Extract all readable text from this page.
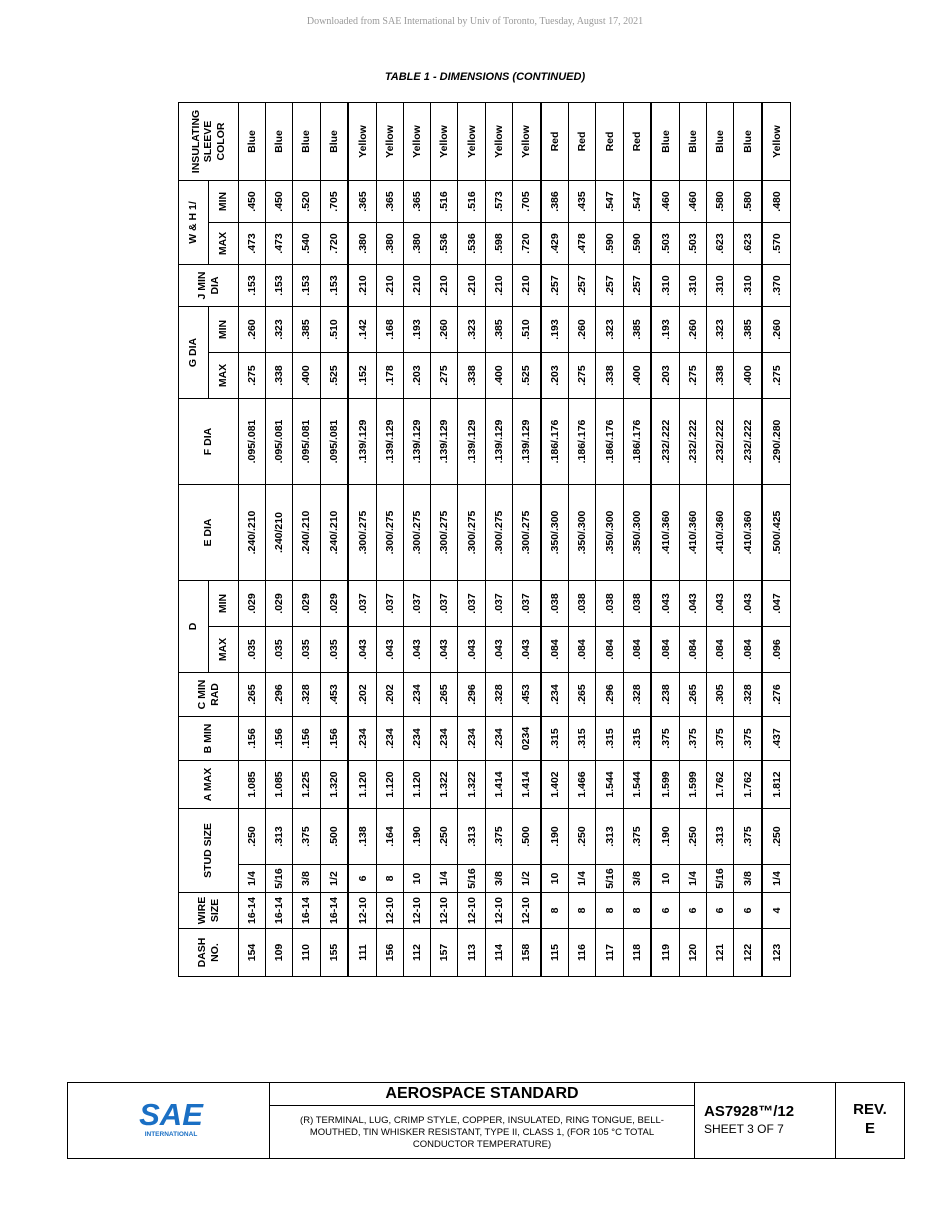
Downloaded from SAE International by Univ of Toronto, Tuesday, August 17, 2021
TABLE 1 - DIMENSIONS (CONTINUED)
DASH NO.	WIRE SIZE	STUD SIZE		A MAX	B MIN	C MIN RAD	D		E DIA	F DIA	G DIA		J MIN DIA	W & H 1/		INSULATING SLEEVE COLOR
							MAX	MIN			MAX	MIN		MAX	MIN	
154	16-14	1/4	.250	1.085	.156	.265	.035	.029	.240/.210	.095/.081	.275	.260	.153	.473	.450	Blue
109	16-14	5/16	.313	1.085	.156	.296	.035	.029	.240/210	.095/.081	.338	.323	.153	.473	.450	Blue
110	16-14	3/8	.375	1.225	.156	.328	.035	.029	.240/.210	.095/.081	.400	.385	.153	.540	.520	Blue
155	16-14	1/2	.500	1.320	.156	.453	.035	.029	.240/.210	.095/.081	.525	.510	.153	.720	.705	Blue
111	12-10	6	.138	1.120	.234	.202	.043	.037	.300/.275	.139/.129	.152	.142	.210	.380	.365	Yellow
156	12-10	8	.164	1.120	.234	.202	.043	.037	.300/.275	.139/.129	.178	.168	.210	.380	.365	Yellow
112	12-10	10	.190	1.120	.234	.234	.043	.037	.300/.275	.139/.129	.203	.193	.210	.380	.365	Yellow
157	12-10	1/4	.250	1.322	.234	.265	.043	.037	.300/.275	.139/.129	.275	.260	.210	.536	.516	Yellow
113	12-10	5/16	.313	1.322	.234	.296	.043	.037	.300/.275	.139/.129	.338	.323	.210	.536	.516	Yellow
114	12-10	3/8	.375	1.414	.234	.328	.043	.037	.300/.275	.139/.129	.400	.385	.210	.598	.573	Yellow
158	12-10	1/2	.500	1.414	0234	.453	.043	.037	.300/.275	.139/.129	.525	.510	.210	.720	.705	Yellow
115	8	10	.190	1.402	.315	.234	.084	.038	.350/.300	.186/.176	.203	.193	.257	.429	.386	Red
116	8	1/4	.250	1.466	.315	.265	.084	.038	.350/.300	.186/.176	.275	.260	.257	.478	.435	Red
117	8	5/16	.313	1.544	.315	.296	.084	.038	.350/.300	.186/.176	.338	.323	.257	.590	.547	Red
118	8	3/8	.375	1.544	.315	.328	.084	.038	.350/.300	.186/.176	.400	.385	.257	.590	.547	Red
119	6	10	.190	1.599	.375	.238	.084	.043	.410/.360	.232/.222	.203	.193	.310	.503	.460	Blue
120	6	1/4	.250	1.599	.375	.265	.084	.043	.410/.360	.232/.222	.275	.260	.310	.503	.460	Blue
121	6	5/16	.313	1.762	.375	.305	.084	.043	.410/.360	.232/.222	.338	.323	.310	.623	.580	Blue
122	6	3/8	.375	1.762	.375	.328	.084	.043	.410/.360	.232/.222	.400	.385	.310	.623	.580	Blue
123	4	1/4	.250	1.812	.437	.276	.096	.047	.500/.425	.290/.280	.275	.260	.370	.570	.480	Yellow
SAE
INTERNATIONAL
AEROSPACE STANDARD
(R) TERMINAL, LUG, CRIMP STYLE, COPPER, INSULATED, RING TONGUE, BELL-MOUTHED, TIN WHISKER RESISTANT, TYPE II, CLASS 1, (FOR 105 °C TOTAL CONDUCTOR TEMPERATURE)
AS7928™/12
SHEET 3 OF 7
REV.
E
